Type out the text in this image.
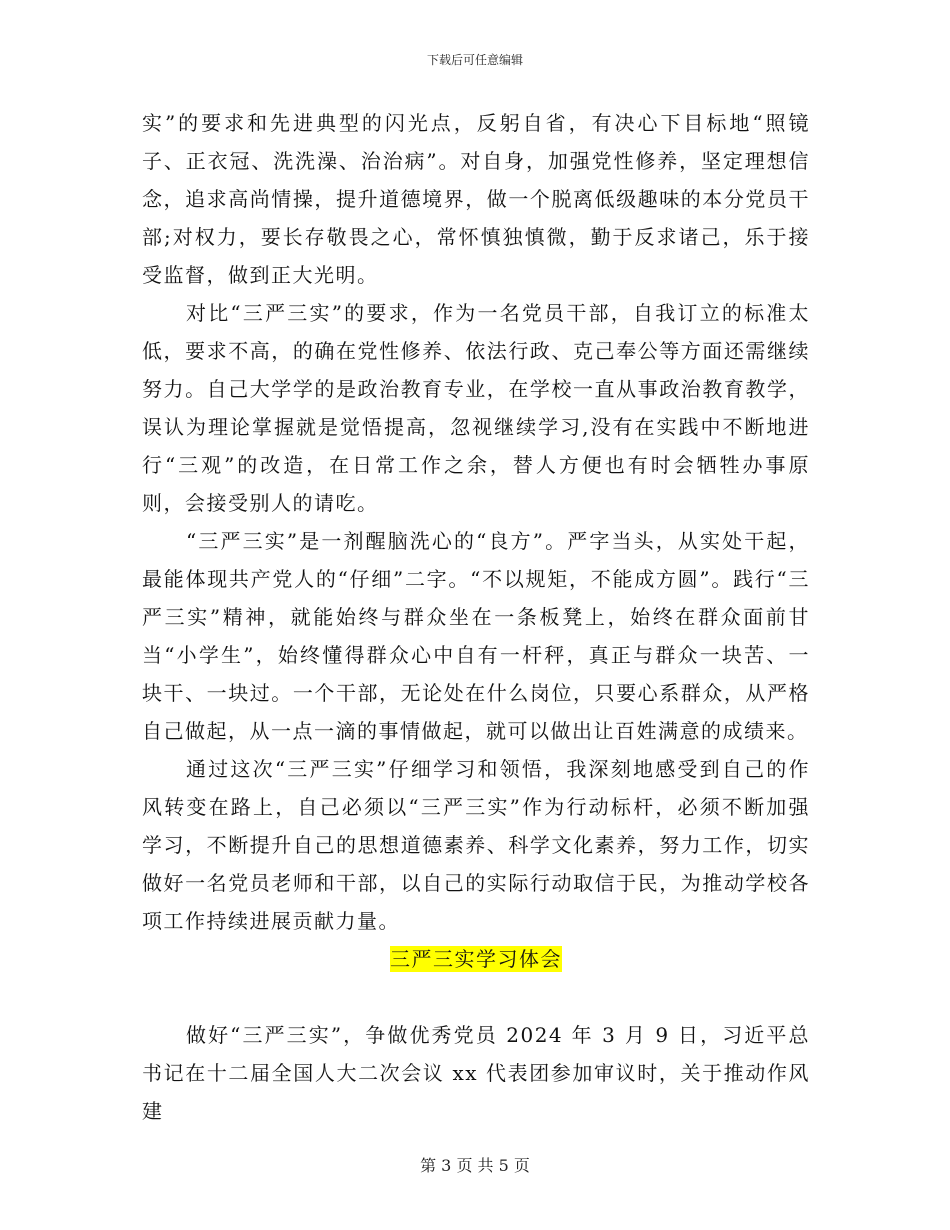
下载后可任意编辑

实”的要求和先进典型的闪光点，反躬自省，有决心下目标地“照镜子、正衣冠、洗洗澡、治治病”。对自身，加强党性修养，坚定理想信念，追求高尚情操，提升道德境界，做一个脱离低级趣味的本分党员干部;对权力，要长存敬畏之心，常怀慎独慎微，勤于反求诸己，乐于接受监督，做到正大光明。

对比“三严三实”的要求，作为一名党员干部，自我订立的标准太低，要求不高，的确在党性修养、依法行政、克己奉公等方面还需继续努力。自己大学学的是政治教育专业，在学校一直从事政治教育教学，误认为理论掌握就是觉悟提高，忽视继续学习,没有在实践中不断地进行“三观”的改造，在日常工作之余，替人方便也有时会牺牲办事原则，会接受别人的请吃。

“三严三实”是一剂醒脑洗心的“良方”。严字当头，从实处干起，最能体现共产党人的“仔细”二字。“不以规矩，不能成方圆”。践行“三严三实”精神，就能始终与群众坐在一条板凳上，始终在群众面前甘当“小学生”，始终懂得群众心中自有一杆秤，真正与群众一块苦、一块干、一块过。一个干部，无论处在什么岗位，只要心系群众，从严格自己做起，从一点一滴的事情做起，就可以做出让百姓满意的成绩来。

通过这次“三严三实”仔细学习和领悟，我深刻地感受到自己的作风转变在路上，自己必须以“三严三实”作为行动标杆，必须不断加强学习，不断提升自己的思想道德素养、科学文化素养，努力工作，切实做好一名党员老师和干部，以自己的实际行动取信于民，为推动学校各项工作持续进展贡献力量。

三严三实学习体会

做好“三严三实”，争做优秀党员 2024 年 3 月 9 日，习近平总书记在十二届全国人大二次会议 xx 代表团参加审议时，关于推动作风建

第 3 页 共 5 页
